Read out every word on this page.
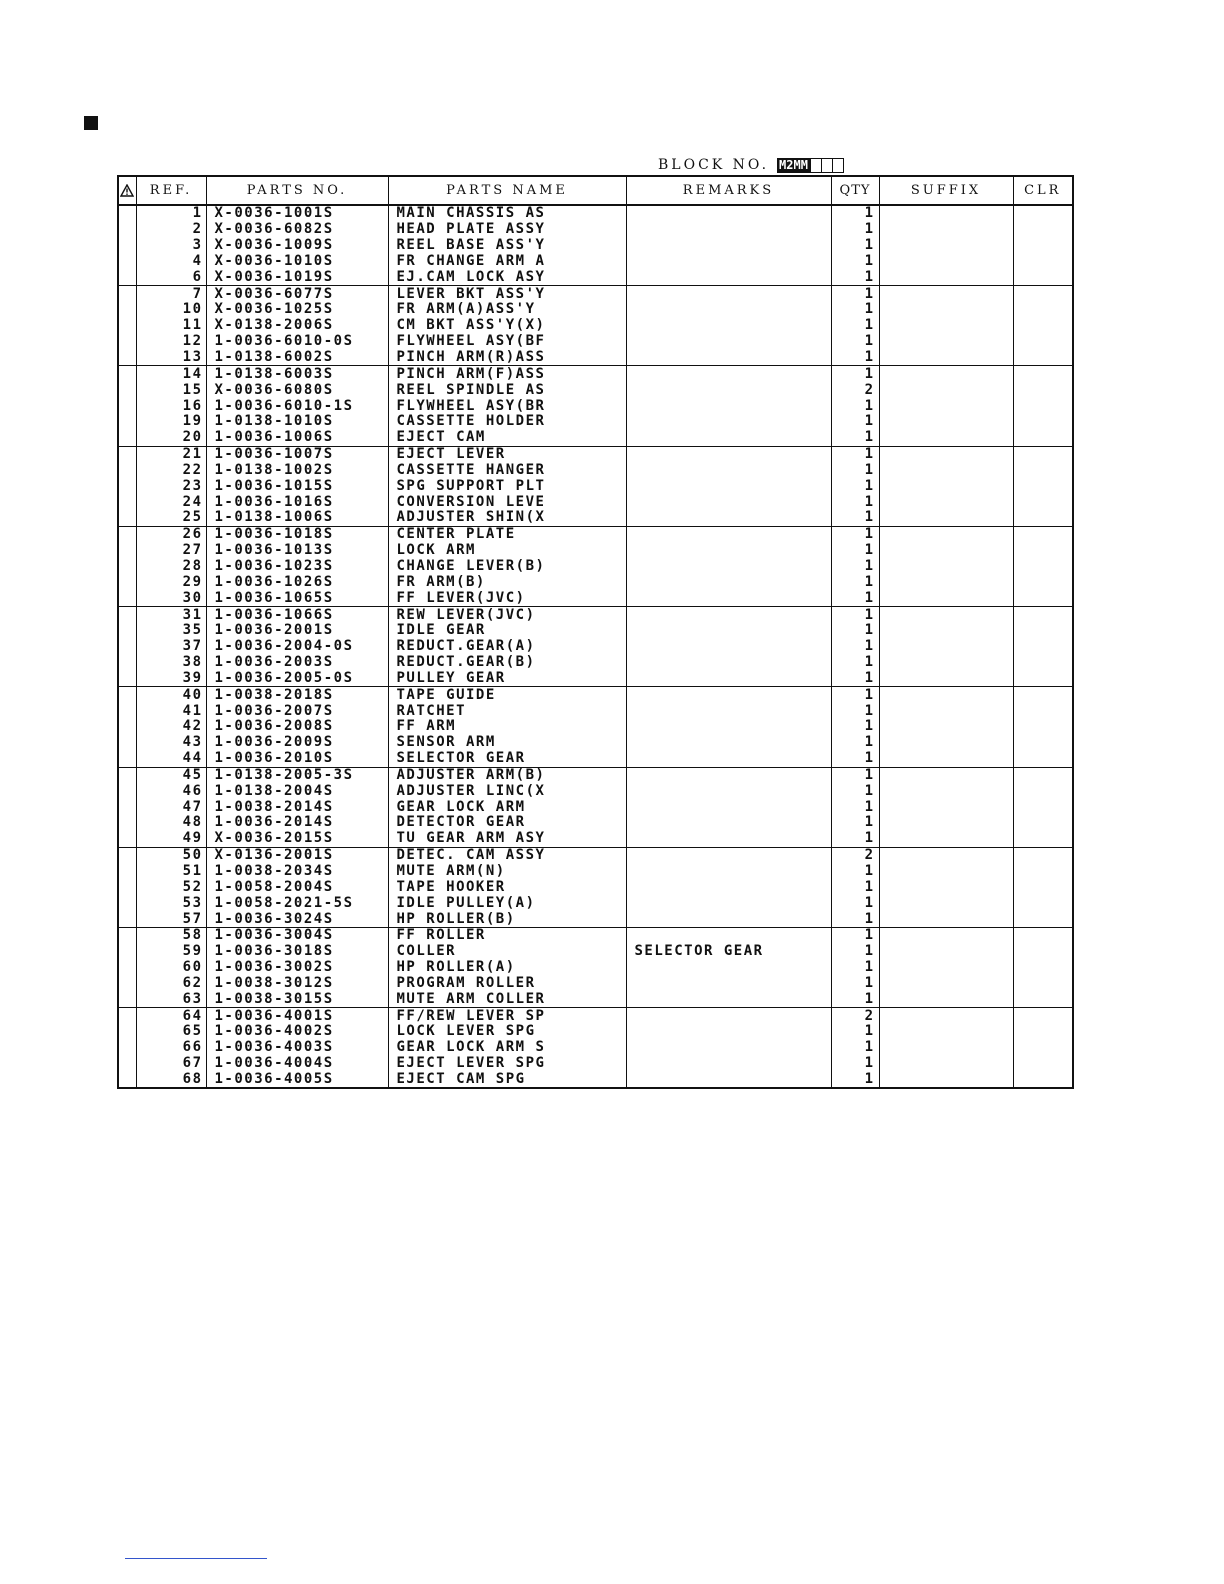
BLOCK NO. M2MM
	REF.	PARTS NO.	PARTS NAME	REMARKS	QTY	SUFFIX	CLR
	1	X-0036-1001S	MAIN CHASSIS AS		1		
	2	X-0036-6082S	HEAD PLATE ASSY		1		
	3	X-0036-1009S	REEL BASE ASS'Y		1		
	4	X-0036-1010S	FR CHANGE ARM A		1		
	6	X-0036-1019S	EJ.CAM LOCK ASY		1		
	7	X-0036-6077S	LEVER BKT ASS'Y		1		
	10	X-0036-1025S	FR ARM(A)ASS'Y		1		
	11	X-0138-2006S	CM BKT ASS'Y(X)		1		
	12	1-0036-6010-0S	FLYWHEEL ASY(BF		1		
	13	1-0138-6002S	PINCH ARM(R)ASS		1		
	14	1-0138-6003S	PINCH ARM(F)ASS		1		
	15	X-0036-6080S	REEL SPINDLE AS		2		
	16	1-0036-6010-1S	FLYWHEEL ASY(BR		1		
	19	1-0138-1010S	CASSETTE HOLDER		1		
	20	1-0036-1006S	EJECT CAM		1		
	21	1-0036-1007S	EJECT LEVER		1		
	22	1-0138-1002S	CASSETTE HANGER		1		
	23	1-0036-1015S	SPG SUPPORT PLT		1		
	24	1-0036-1016S	CONVERSION LEVE		1		
	25	1-0138-1006S	ADJUSTER SHIN(X		1		
	26	1-0036-1018S	CENTER PLATE		1		
	27	1-0036-1013S	LOCK ARM		1		
	28	1-0036-1023S	CHANGE LEVER(B)		1		
	29	1-0036-1026S	FR ARM(B)		1		
	30	1-0036-1065S	FF LEVER(JVC)		1		
	31	1-0036-1066S	REW LEVER(JVC)		1		
	35	1-0036-2001S	IDLE GEAR		1		
	37	1-0036-2004-0S	REDUCT.GEAR(A)		1		
	38	1-0036-2003S	REDUCT.GEAR(B)		1		
	39	1-0036-2005-0S	PULLEY GEAR		1		
	40	1-0038-2018S	TAPE GUIDE		1		
	41	1-0036-2007S	RATCHET		1		
	42	1-0036-2008S	FF ARM		1		
	43	1-0036-2009S	SENSOR ARM		1		
	44	1-0036-2010S	SELECTOR GEAR		1		
	45	1-0138-2005-3S	ADJUSTER ARM(B)		1		
	46	1-0138-2004S	ADJUSTER LINC(X		1		
	47	1-0038-2014S	GEAR LOCK ARM		1		
	48	1-0036-2014S	DETECTOR GEAR		1		
	49	X-0036-2015S	TU GEAR ARM ASY		1		
	50	X-0136-2001S	DETEC. CAM ASSY		2		
	51	1-0038-2034S	MUTE ARM(N)		1		
	52	1-0058-2004S	TAPE HOOKER		1		
	53	1-0058-2021-5S	IDLE PULLEY(A)		1		
	57	1-0036-3024S	HP ROLLER(B)		1		
	58	1-0036-3004S	FF ROLLER		1		
	59	1-0036-3018S	COLLER	SELECTOR GEAR	1		
	60	1-0036-3002S	HP ROLLER(A)		1		
	62	1-0038-3012S	PROGRAM ROLLER		1		
	63	1-0038-3015S	MUTE ARM COLLER		1		
	64	1-0036-4001S	FF/REW LEVER SP		2		
	65	1-0036-4002S	LOCK LEVER SPG		1		
	66	1-0036-4003S	GEAR LOCK ARM S		1		
	67	1-0036-4004S	EJECT LEVER SPG		1		
	68	1-0036-4005S	EJECT CAM SPG		1		
